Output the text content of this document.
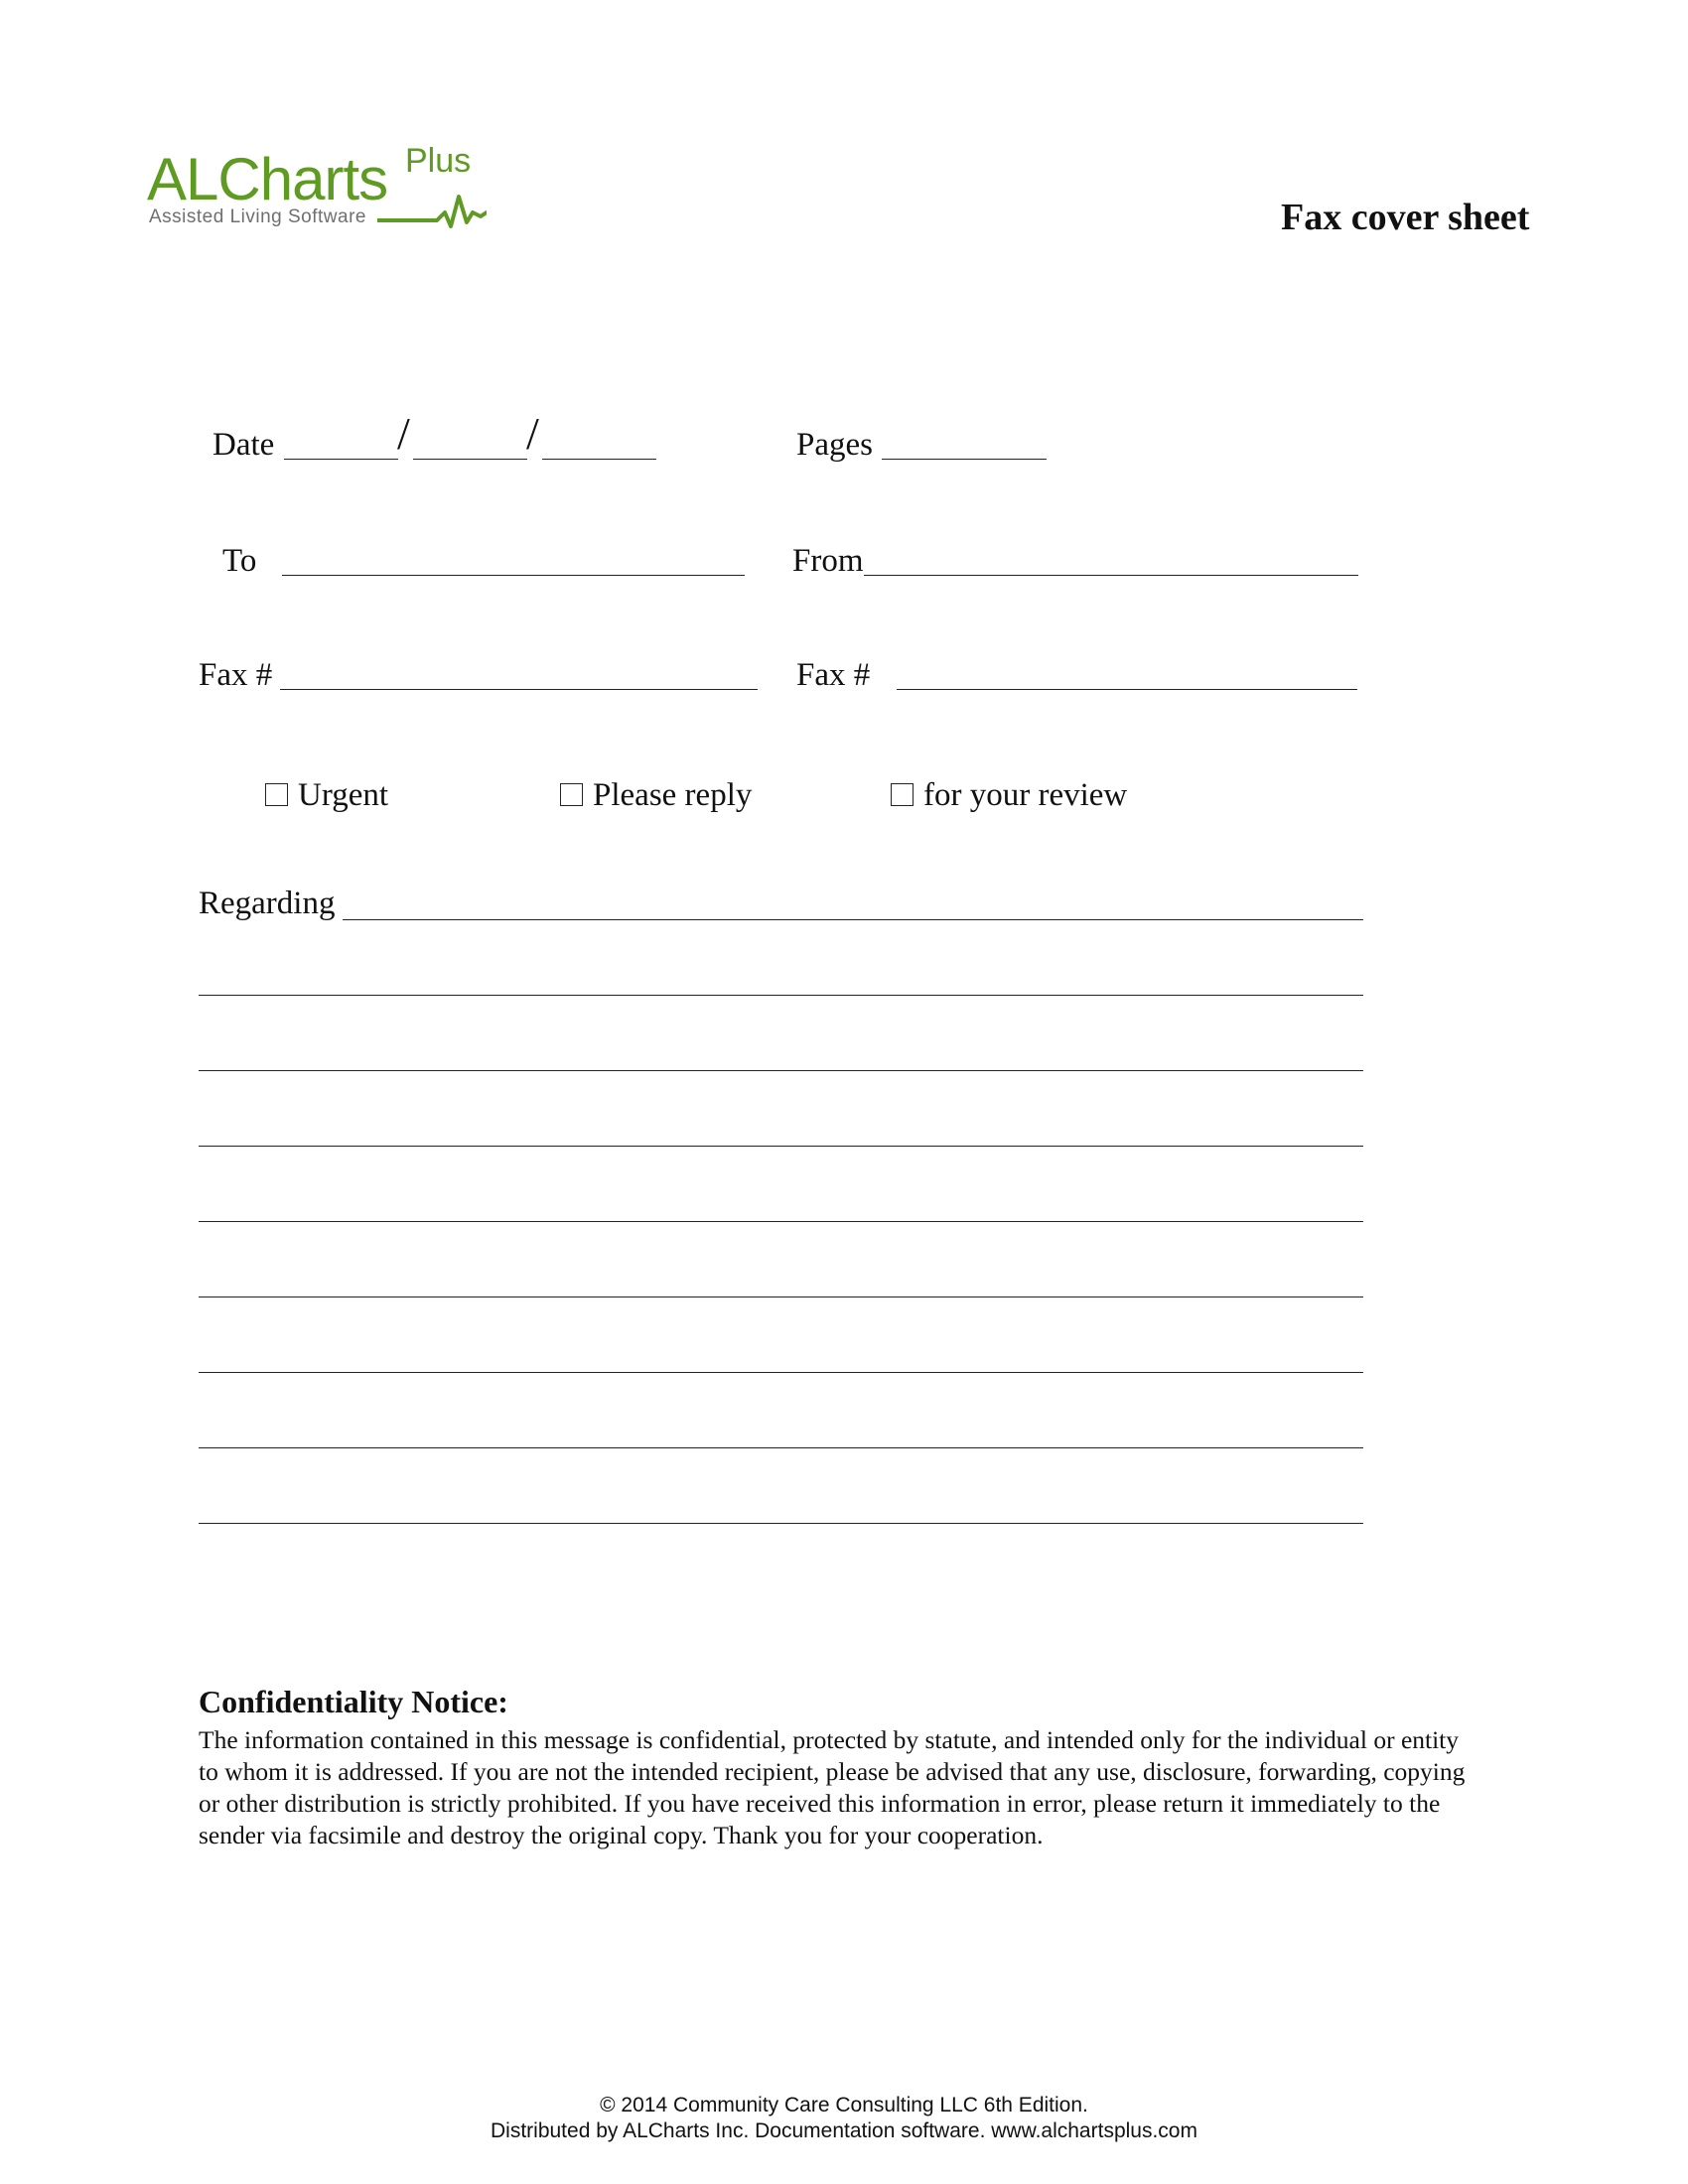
ALCharts Plus
Assisted Living Software	Fax cover sheet
Date	/	/	Pages
To	From
Fax #	Fax #
Urgent	Please reply	for your review
Regarding
Confidentiality Notice:
The information contained in this message is confidential, protected by statute, and intended only for the individual or entity
to whom it is addressed. If you are not the intended recipient, please be advised that any use, disclosure, forwarding, copying
or other distribution is strictly prohibited. If you have received this information in error, please return it immediately to the
sender via facsimile and destroy the original copy. Thank you for your cooperation.
© 2014 Community Care Consulting LLC 6th Edition.
Distributed by ALCharts Inc. Documentation software. www.alchartsplus.com
